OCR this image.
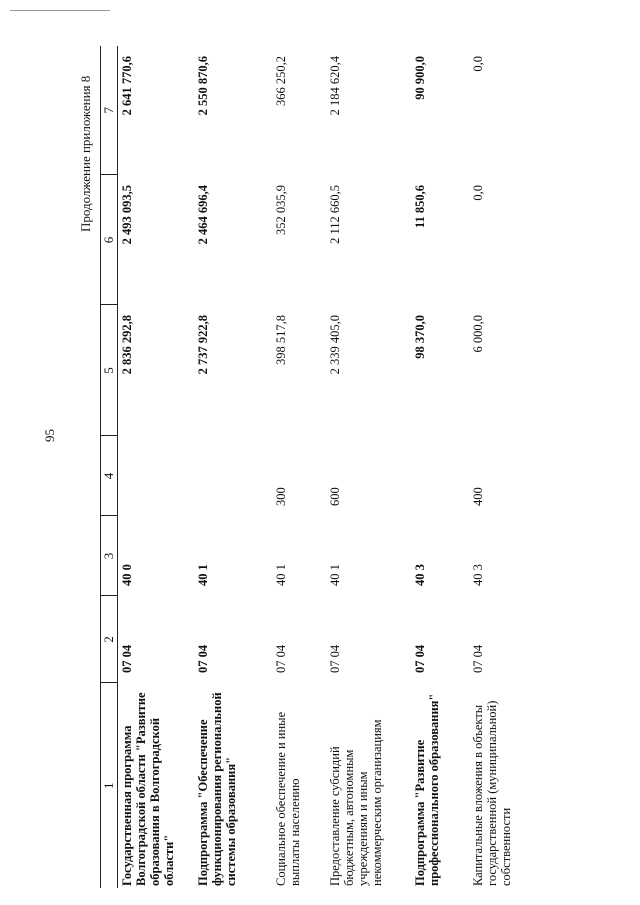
95
Продолжение приложения 8
1	2	3	4	5	6	7
Государственная программа Волгоградской области "Развитие образования в Волгоградской области"	07 04	40 0		2 836 292,8	2 493 093,5	2 641 770,6
Подпрограмма "Обеспечение функционирования региональной системы образования"	07 04	40 1		2 737 922,8	2 464 696,4	2 550 870,6
Социальное обеспечение и иные выплаты населению	07 04	40 1	300	398 517,8	352 035,9	366 250,2
Предоставление субсидий бюджетным, автономным учреждениям и иным некоммерческим организациям	07 04	40 1	600	2 339 405,0	2 112 660,5	2 184 620,4
Подпрограмма "Развитие профессионального образования"	07 04	40 3		98 370,0	11 850,6	90 900,0
Капитальные вложения в объекты государственной (муниципальной) собственности	07 04	40 3	400	6 000,0	0,0	0,0
